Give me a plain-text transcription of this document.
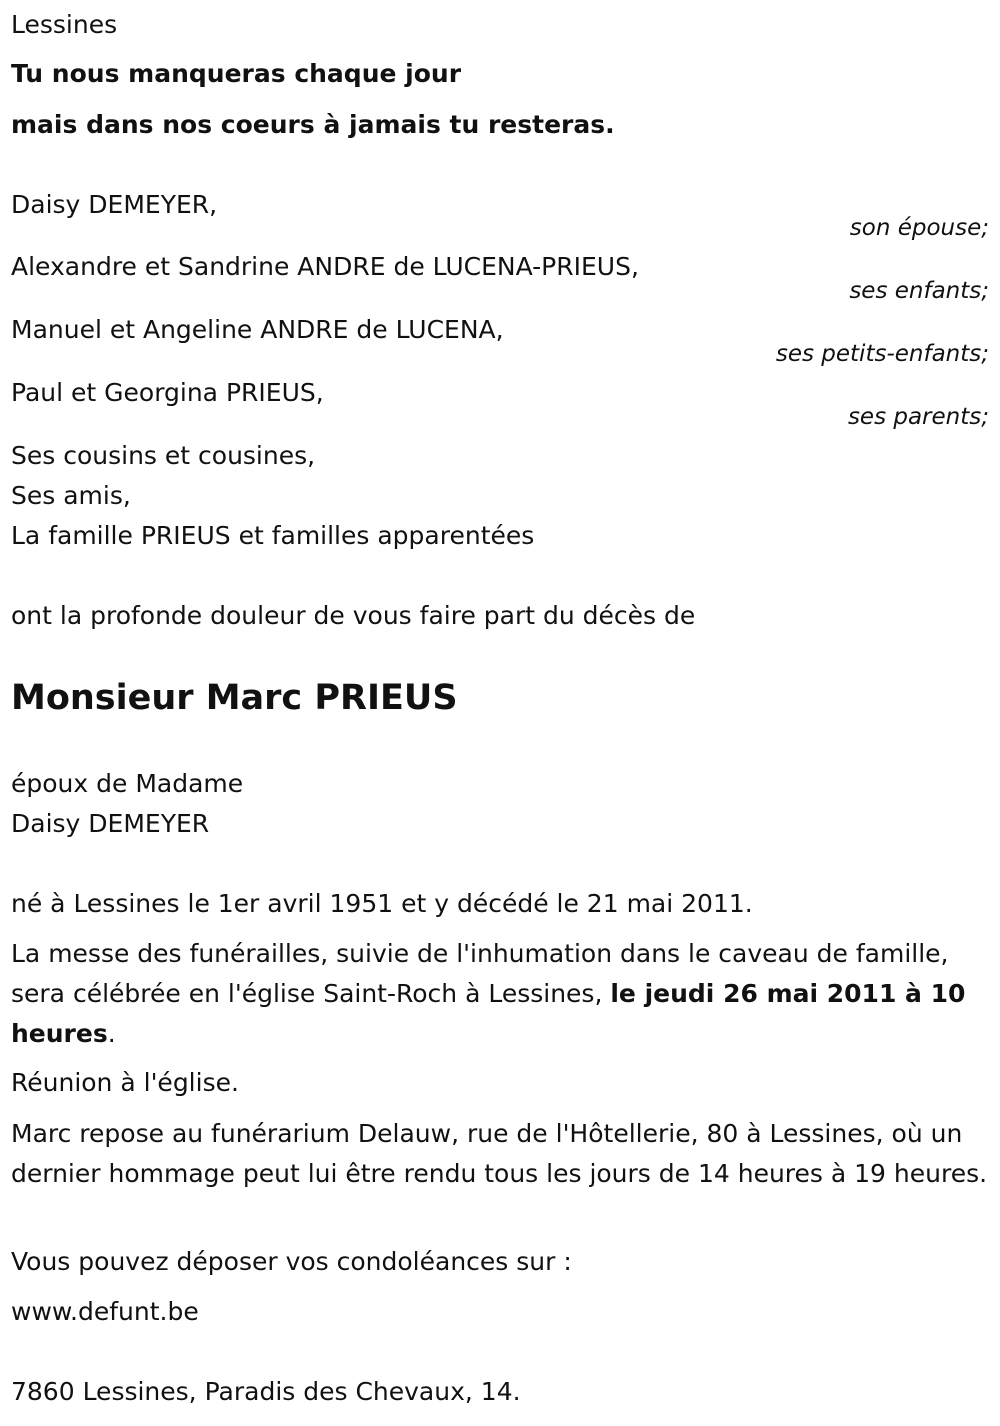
Lessines
Tu nous manqueras chaque jour
mais dans nos coeurs à jamais tu resteras.
Daisy DEMEYER,
son épouse;
Alexandre et Sandrine ANDRE de LUCENA-PRIEUS,
ses enfants;
Manuel et Angeline ANDRE de LUCENA,
ses petits-enfants;
Paul et Georgina PRIEUS,
ses parents;
Ses cousins et cousines,
Ses amis,
La famille PRIEUS et familles apparentées
ont la profonde douleur de vous faire part du décès de
Monsieur Marc PRIEUS
époux de Madame
Daisy DEMEYER
né à Lessines le 1er avril 1951 et y décédé le 21 mai 2011.
La messe des funérailles, suivie de l'inhumation dans le caveau de famille, sera célébrée en l'église Saint-Roch à Lessines, le jeudi 26 mai 2011 à 10 heures.
Réunion à l'église.
Marc repose au funérarium Delauw, rue de l'Hôtellerie, 80 à Lessines, où un dernier hommage peut lui être rendu tous les jours de 14 heures à 19 heures.
Vous pouvez déposer vos condoléances sur :
www.defunt.be
7860 Lessines, Paradis des Chevaux, 14.
